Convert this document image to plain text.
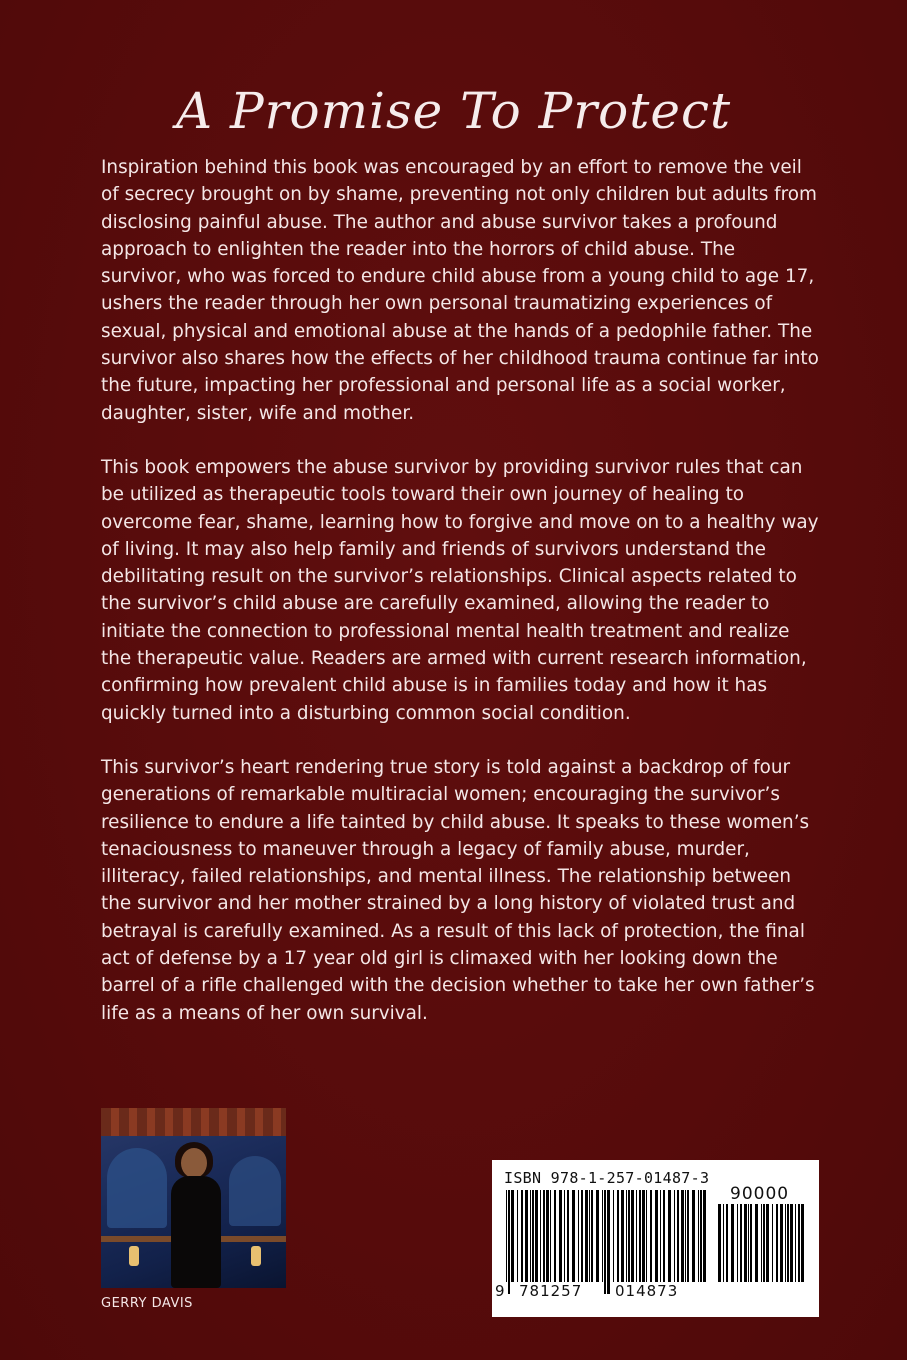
A Promise To Protect

Inspiration behind this book was encouraged by an effort to remove the veil of secrecy brought on by shame, preventing not only children but adults from disclosing painful abuse. The author and abuse survivor takes a profound approach to enlighten the reader into the horrors of child abuse. The survivor, who was forced to endure child abuse from a young child to age 17, ushers the reader through her own personal traumatizing experiences of sexual, physical and emotional abuse at the hands of a pedophile father. The survivor also shares how the effects of her childhood trauma continue far into the future, impacting her professional and personal life as a social worker, daughter, sister, wife and mother.

This book empowers the abuse survivor by providing survivor rules that can be utilized as therapeutic tools toward their own journey of healing to overcome fear, shame, learning how to forgive and move on to a healthy way of living. It may also help family and friends of survivors understand the debilitating result on the survivor’s relationships. Clinical aspects related to the survivor’s child abuse are carefully examined, allowing the reader to initiate the connection to professional mental health treatment and realize the therapeutic value. Readers are armed with current research information, confirming how prevalent child abuse is in families today and how it has quickly turned into a disturbing common social condition.

This survivor’s heart rendering true story is told against a backdrop of four generations of remarkable multiracial women; encouraging the survivor’s resilience to endure a life tainted by child abuse. It speaks to these women’s tenaciousness to maneuver through a legacy of family abuse, murder, illiteracy, failed relationships, and mental illness. The relationship between the survivor and her mother strained by a long history of violated trust and betrayal is carefully examined. As a result of this lack of protection, the final act of defense by a 17 year old girl is climaxed with her looking down the barrel of a rifle challenged with the decision whether to take her own father’s life as a means of her own survival.

GERRY DAVIS
ISBN 978-1-257-01487-3
90000
9 781257 014873
